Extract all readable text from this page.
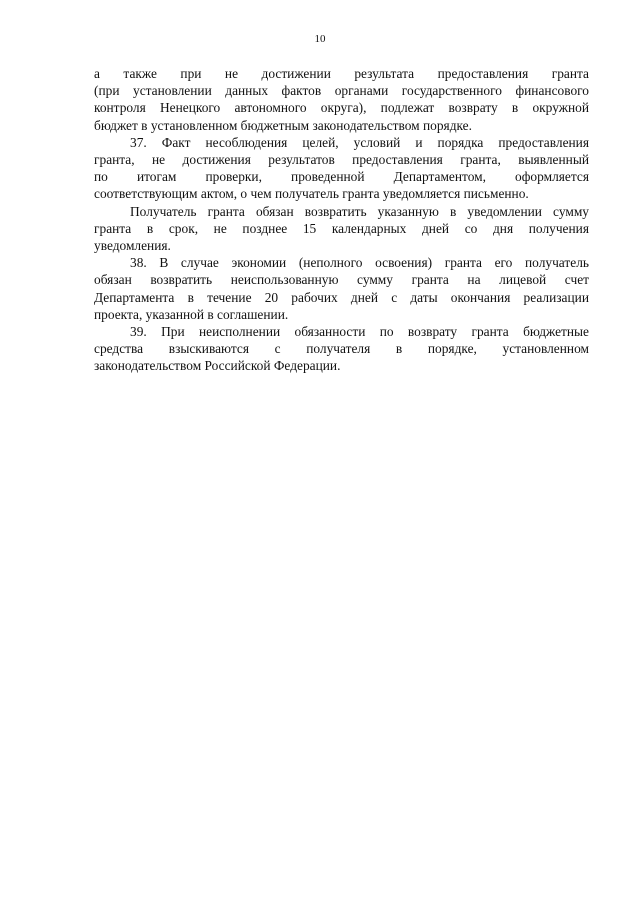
10

а также при не достижении результата предоставления гранта

(при установлении данных фактов органами государственного финансового

контроля Ненецкого автономного округа), подлежат возврату в окружной

бюджет в установленном бюджетным законодательством порядке.

37. Факт несоблюдения целей, условий и порядка предоставления

гранта, не достижения результатов предоставления гранта, выявленный

по итогам проверки, проведенной Департаментом, оформляется

соответствующим актом, о чем получатель гранта уведомляется письменно.

Получатель гранта обязан возвратить указанную в уведомлении сумму

гранта в срок, не позднее 15 календарных дней со дня получения

уведомления.

38. В случае экономии (неполного освоения) гранта его получатель

обязан возвратить неиспользованную сумму гранта на лицевой счет

Департамента в течение 20 рабочих дней с даты окончания реализации

проекта, указанной в соглашении.

39. При неисполнении обязанности по возврату гранта бюджетные

средства взыскиваются с получателя в порядке, установленном

законодательством Российской Федерации.
